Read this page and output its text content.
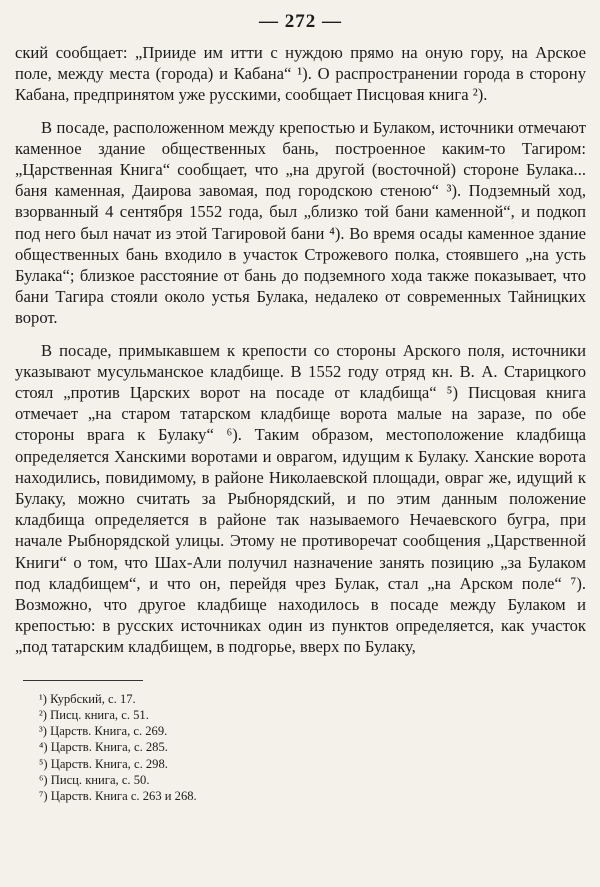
— 272 —

ский сообщает: „Прииде им итти с нуждою прямо на оную гору, на Арское поле, между места (города) и Кабана“ ¹). О распространении города в сторону Кабана, предпринятом уже русскими, сообщает Писцовая книга ²).

В посаде, расположенном между крепостью и Булаком, источники отмечают каменное здание общественных бань, построенное каким-то Тагиром: „Царственная Книга“ сообщает, что „на другой (восточной) стороне Булака... баня каменная, Даирова завомая, под городскою стеною“ ³). Подземный ход, взорванный 4 сентября 1552 года, был „близко той бани каменной“, и подкоп под него был начат из этой Тагировой бани ⁴). Во время осады каменное здание общественных бань входило в участок Строжевого полка, стоявшего „на усть Булака“; близкое расстояние от бань до подземного хода также показывает, что бани Тагира стояли около устья Булака, недалеко от современных Тайницких ворот.

В посаде, примыкавшем к крепости со стороны Арского поля, источники указывают мусульманское кладбище. В 1552 году отряд кн. В. А. Старицкого стоял „против Царских ворот на посаде от кладбища“ ⁵) Писцовая книга отмечает „на старом татарском кладбище ворота малые на заразе, по обе стороны врага к Булаку“ ⁶). Таким образом, местоположение кладбища определяется Ханскими воротами и оврагом, идущим к Булаку. Ханские ворота находились, повидимому, в районе Николаевской площади, овраг же, идущий к Булаку, можно считать за Рыбнорядский, и по этим данным положение кладбища определяется в районе так называемого Нечаевского бугра, при начале Рыбнорядской улицы. Этому не противоречат сообщения „Царственной Книги“ о том, что Шах-Али получил назначение занять позицию „за Булаком под кладбищем“, и что он, перейдя чрез Булак, стал „на Арском поле“ ⁷). Возможно, что другое кладбище находилось в посаде между Булаком и крепостью: в русских источниках один из пунктов определяется, как участок „под татарским кладбищем, в подгорье, вверх по Булаку,

¹) Курбский, с. 17.
²) Писц. книга, с. 51.
³) Царств. Книга, с. 269.
⁴) Царств. Книга, с. 285.
⁵) Царств. Книга, с. 298.
⁶) Писц. книга, с. 50.
⁷) Царств. Книга с. 263 и 268.
